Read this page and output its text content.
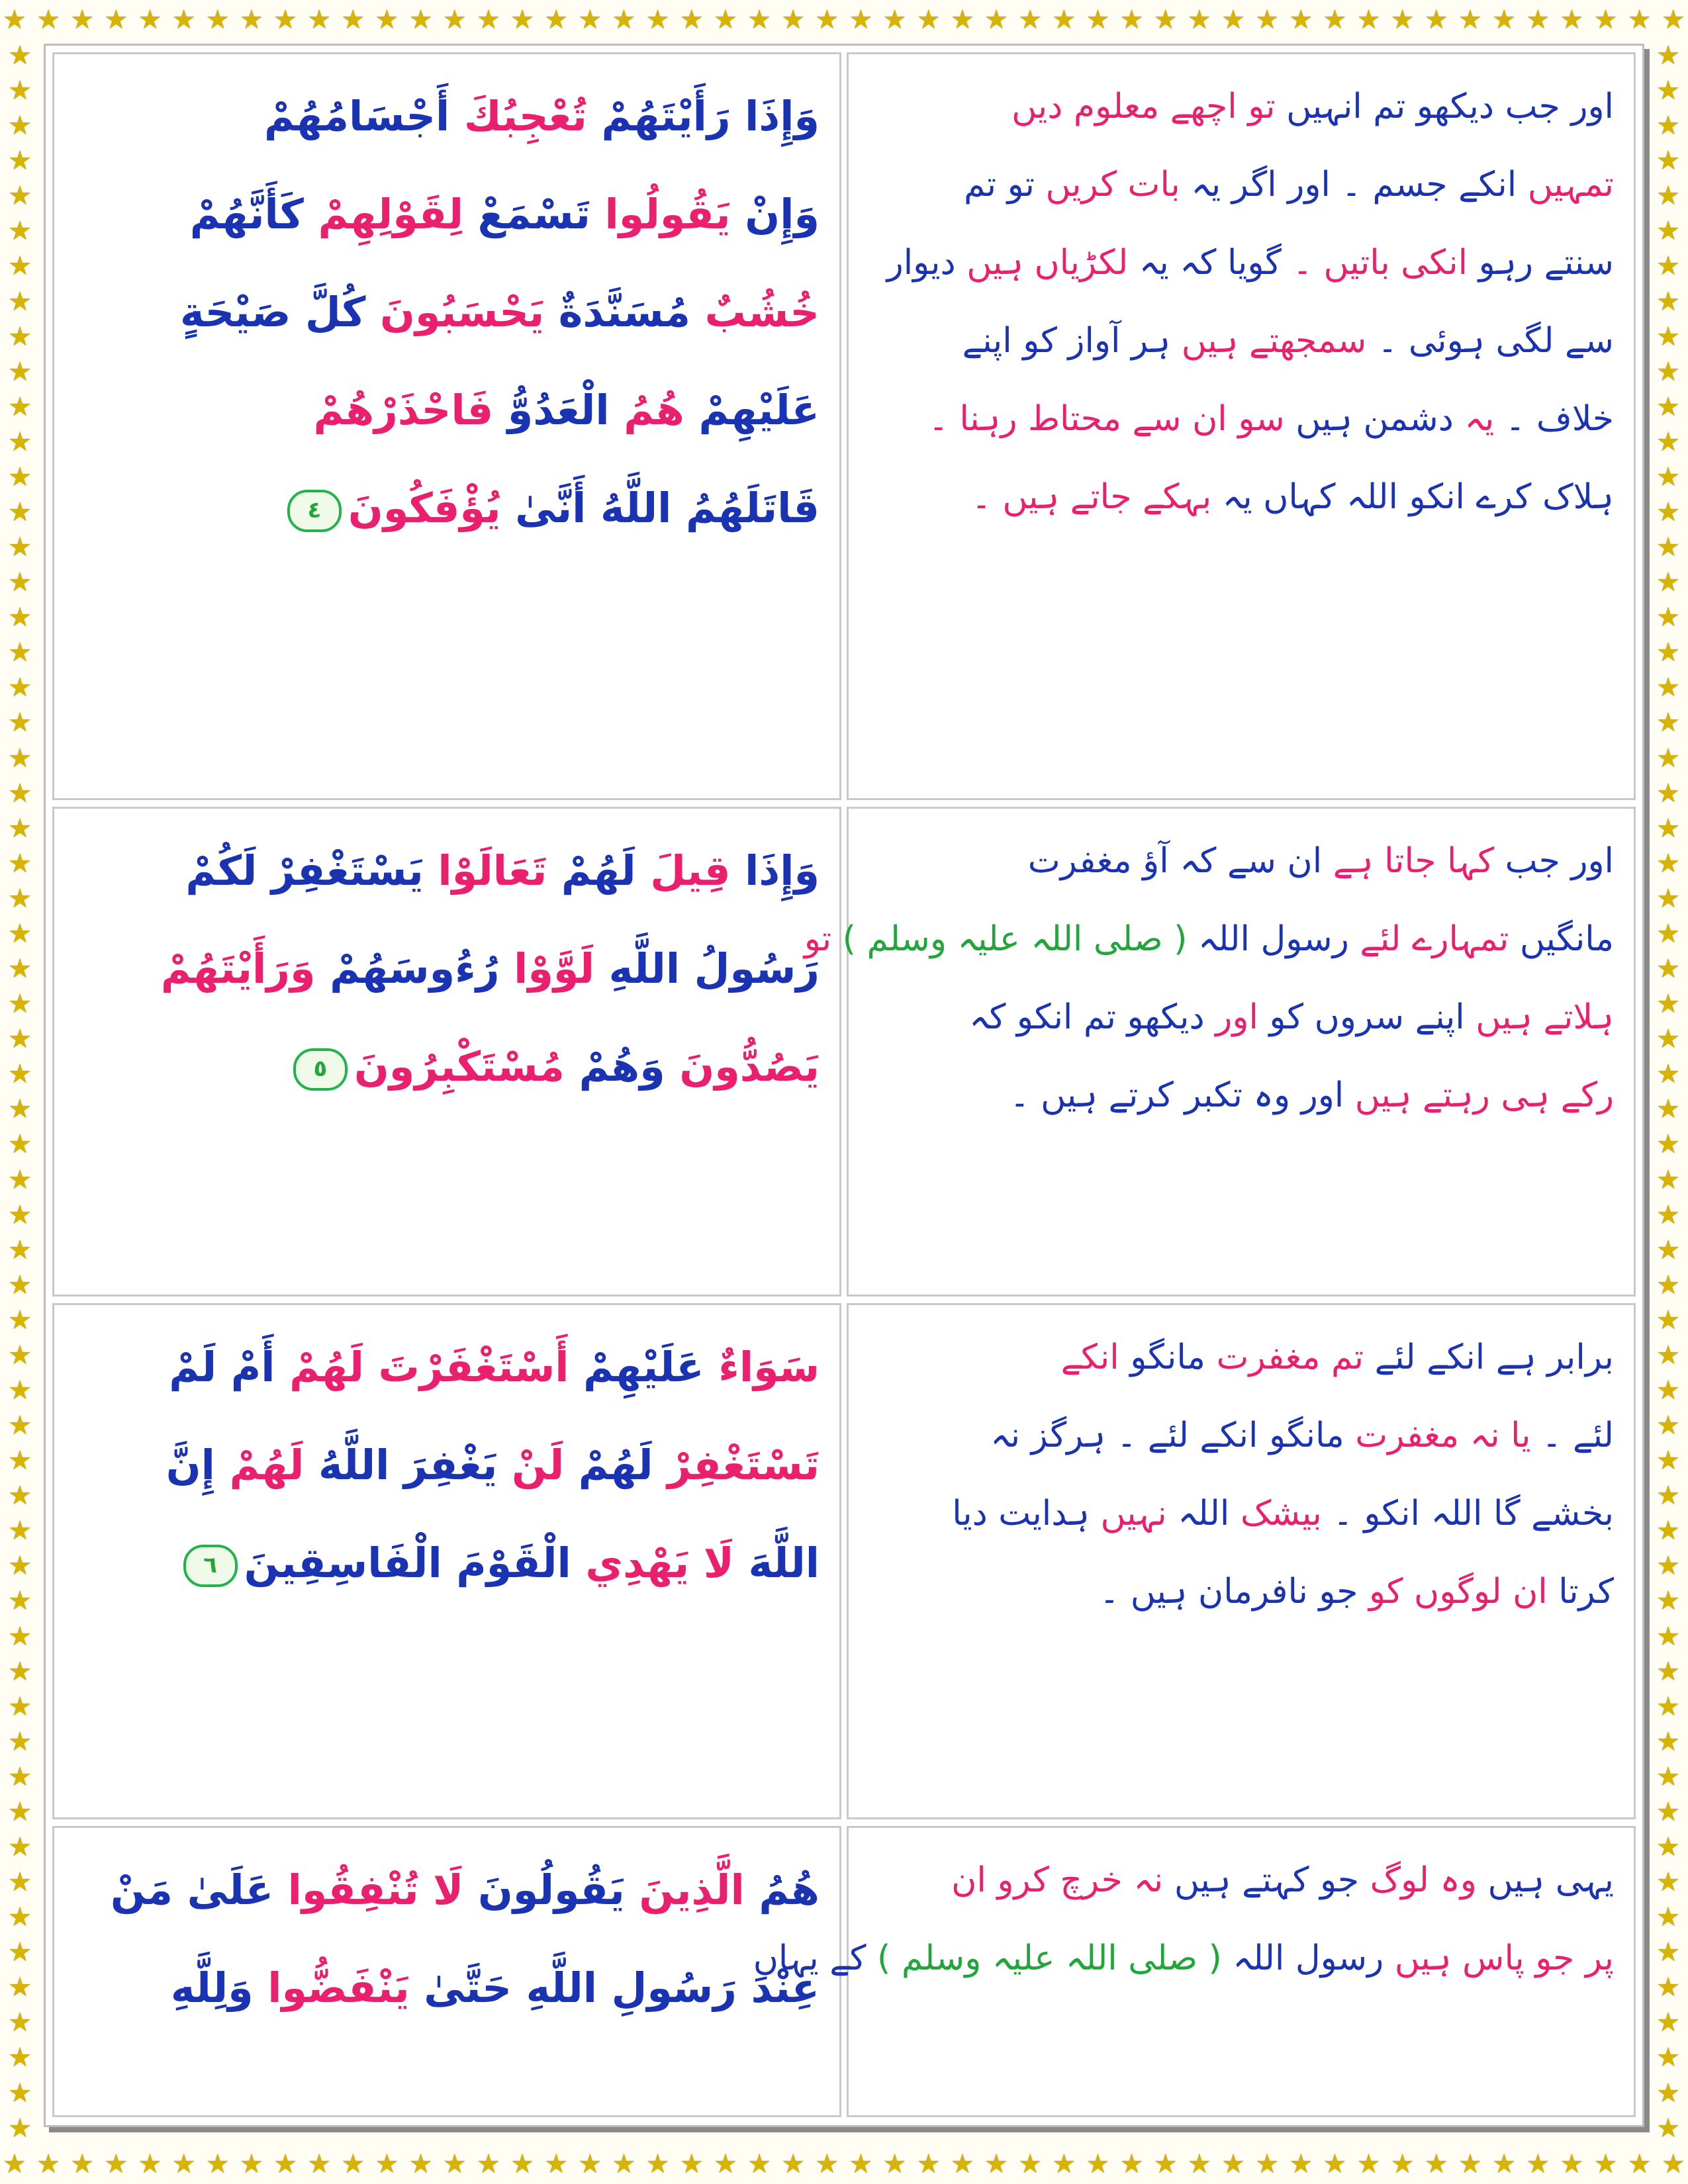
★ ★ ★ ★ ★ ★ ★ ★ ★ ★ ★ ★ ★ ★ ★ ★ ★ ★ ★ ★ ★ ★ ★ ★ ★ ★ ★ ★ ★ ★ ★ ★ ★ ★ ★ ★ ★ ★ ★ ★ ★ ★ ★ ★ ★ ★ ★ ★ ★ ★
★ ★ ★ ★ ★ ★ ★ ★ ★ ★ ★ ★ ★ ★ ★ ★ ★ ★ ★ ★ ★ ★ ★ ★ ★ ★ ★ ★ ★ ★ ★ ★ ★ ★ ★ ★ ★ ★ ★ ★ ★ ★ ★ ★ ★ ★ ★ ★ ★ ★
★
★
★
★
★
★
★
★
★
★
★
★
★
★
★
★
★
★
★
★
★
★
★
★
★
★
★
★
★
★
★
★
★
★
★
★
★
★
★
★
★
★
★
★
★
★
★
★
★
★
★
★
★
★
★
★
★
★
★
★
★
★
★
★
★
★
★
★
★
★
★
★
★
★
★
★
★
★
★
★
★
★
★
★
★
★
★
★
★
★
★
★
★
★
★
★
★
★
★
★
★
★
★
★
★
★
★
★
★
★
★
★
★
★
★
★
★
★
★
★
وَإِذَا رَأَيْتَهُمْ تُعْجِبُكَ أَجْسَامُهُمْ
وَإِنْ يَقُولُوا تَسْمَعْ لِقَوْلِهِمْ كَأَنَّهُمْ
خُشُبٌ مُسَنَّدَةٌ يَحْسَبُونَ كُلَّ صَيْحَةٍ
عَلَيْهِمْ هُمُ الْعَدُوُّ فَاحْذَرْهُمْ
قَاتَلَهُمُ اللَّهُ أَنَّىٰ يُؤْفَكُونَ٤
اور جب دیکھو تم انہیں تو اچھے معلوم دیں
تمہیں انکے جسم ۔ اور اگر یہ بات کریں تو تم
سنتے رہو انکی باتیں ۔ گویا کہ یہ لکڑیاں ہیں دیوار
سے لگی ہوئی ۔ سمجھتے ہیں ہر آواز کو اپنے
خلاف ۔ یہ دشمن ہیں سو ان سے محتاط رہنا ۔
ہلاک کرے انکو اللہ کہاں یہ بہکے جاتے ہیں ۔
وَإِذَا قِيلَ لَهُمْ تَعَالَوْا يَسْتَغْفِرْ لَكُمْ
رَسُولُ اللَّهِ لَوَّوْا رُءُوسَهُمْ وَرَأَيْتَهُمْ
يَصُدُّونَ وَهُمْ مُسْتَكْبِرُونَ٥
اور جب کہا جاتا ہے ان سے کہ آؤ مغفرت
مانگیں تمہارے لئے رسول اللہ ( صلی اللہ علیہ وسلم ) تو
ہلاتے ہیں اپنے سروں کو اور دیکھو تم انکو کہ
رکے ہی رہتے ہیں اور وہ تکبر کرتے ہیں ۔
سَوَاءٌ عَلَيْهِمْ أَسْتَغْفَرْتَ لَهُمْ أَمْ لَمْ
تَسْتَغْفِرْ لَهُمْ لَنْ يَغْفِرَ اللَّهُ لَهُمْ إِنَّ
اللَّهَ لَا يَهْدِي الْقَوْمَ الْفَاسِقِينَ٦
برابر ہے انکے لئے تم مغفرت مانگو انکے
لئے ۔ یا نہ مغفرت مانگو انکے لئے ۔ ہرگز نہ
بخشے گا اللہ انکو ۔ بیشک اللہ نہیں ہدایت دیا
کرتا ان لوگوں کو جو نافرمان ہیں ۔
هُمُ الَّذِينَ يَقُولُونَ لَا تُنْفِقُوا عَلَىٰ مَنْ
عِنْدَ رَسُولِ اللَّهِ حَتَّىٰ يَنْفَضُّوا وَلِلَّهِ
یہی ہیں وہ لوگ جو کہتے ہیں نہ خرچ کرو ان
پر جو پاس ہیں رسول اللہ ( صلی اللہ علیہ وسلم ) کے یہاں
